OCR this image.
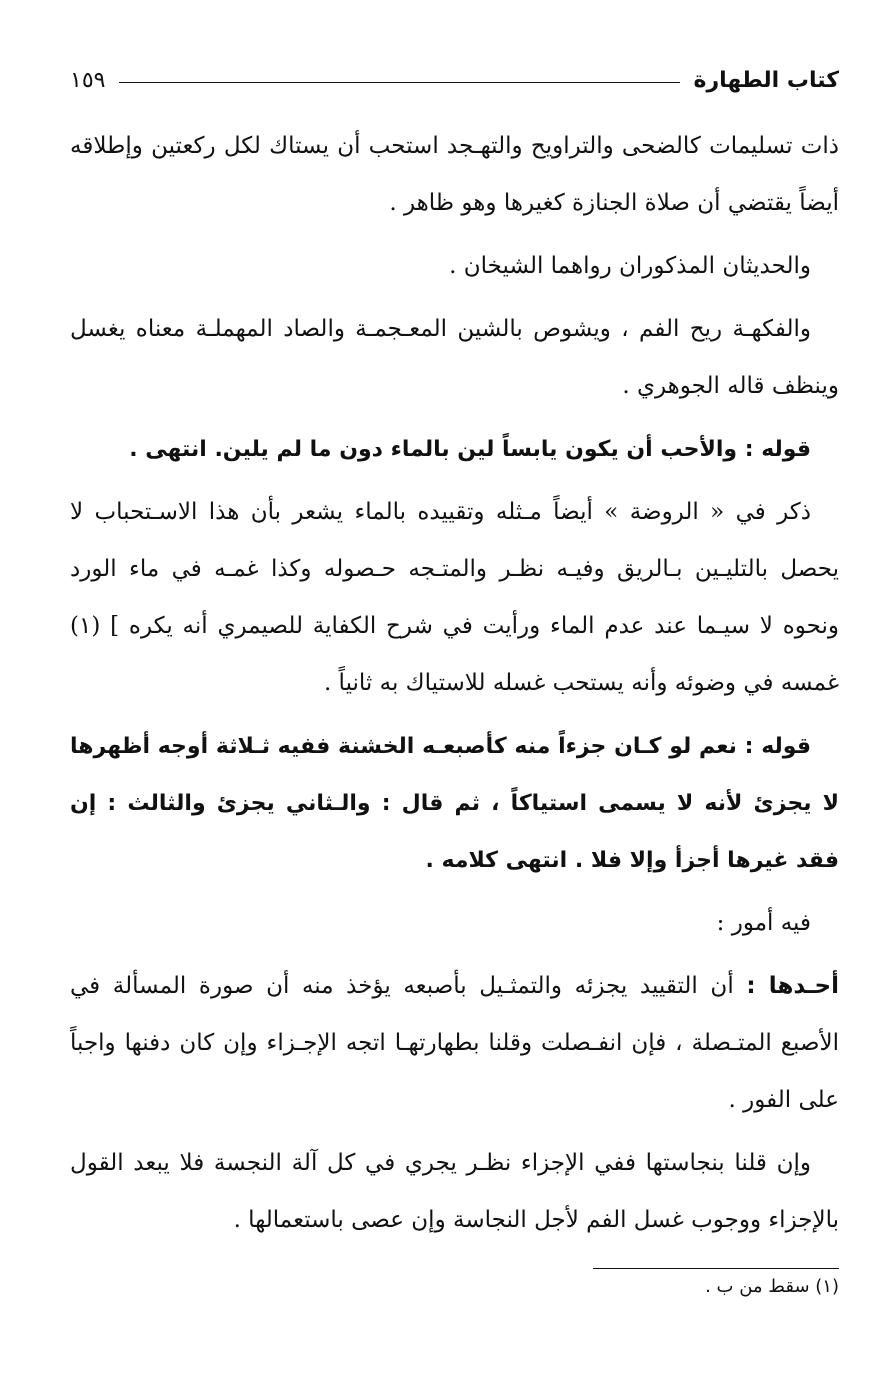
كتاب الطهارة
١٥٩

ذات تسليمات كالضحى والتراويح والتهـجد استحب أن يستاك لكل ركعتين وإطلاقه أيضاً يقتضي أن صلاة الجنازة كغيرها وهو ظاهر .

والحديثان المذكوران رواهما الشيخان .

والفكهـة ريح الفم ، ويشوص بالشين المعـجمـة والصاد المهملـة معناه يغسل وينظف قاله الجوهري .

قوله : والأحب أن يكون يابساً لين بالماء دون ما لم يلين. انتهى .

ذكر في « الروضة » أيضاً مـثله وتقييده بالماء يشعر بأن هذا الاسـتحباب لا يحصل بالتليـين بـالريق وفيـه نظـر والمتـجه حـصوله وكذا غمـه في ماء الورد ونحوه لا سيـما عند عدم الماء ورأيت في شرح الكفاية للصيمري أنه يكره ] (١) غمسه في وضوئه وأنه يستحب غسله للاستياك به ثانياً .

قوله : نعم لو كـان جزءاً منه كأصبعـه الخشنة ففيه ثـلاثة أوجه أظهرها لا يجزئ لأنه لا يسمى استياكاً ، ثم قال : والـثاني يجزئ والثالث : إن فقد غيرها أجزأ وإلا فلا . انتهى كلامه .

فيه أمور :

أحـدها : أن التقييد يجزئه والتمثـيل بأصبعه يؤخذ منه أن صورة المسألة في الأصبع المتـصلة ، فإن انفـصلت وقلنا بطهارتهـا اتجه الإجـزاء وإن كان دفنها واجباً على الفور .

وإن قلنا بنجاستها ففي الإجزاء نظـر يجري في كل آلة النجسة فلا يبعد القول بالإجزاء ووجوب غسل الفم لأجل النجاسة وإن عصى باستعمالها .

(١) سقط من ب .
